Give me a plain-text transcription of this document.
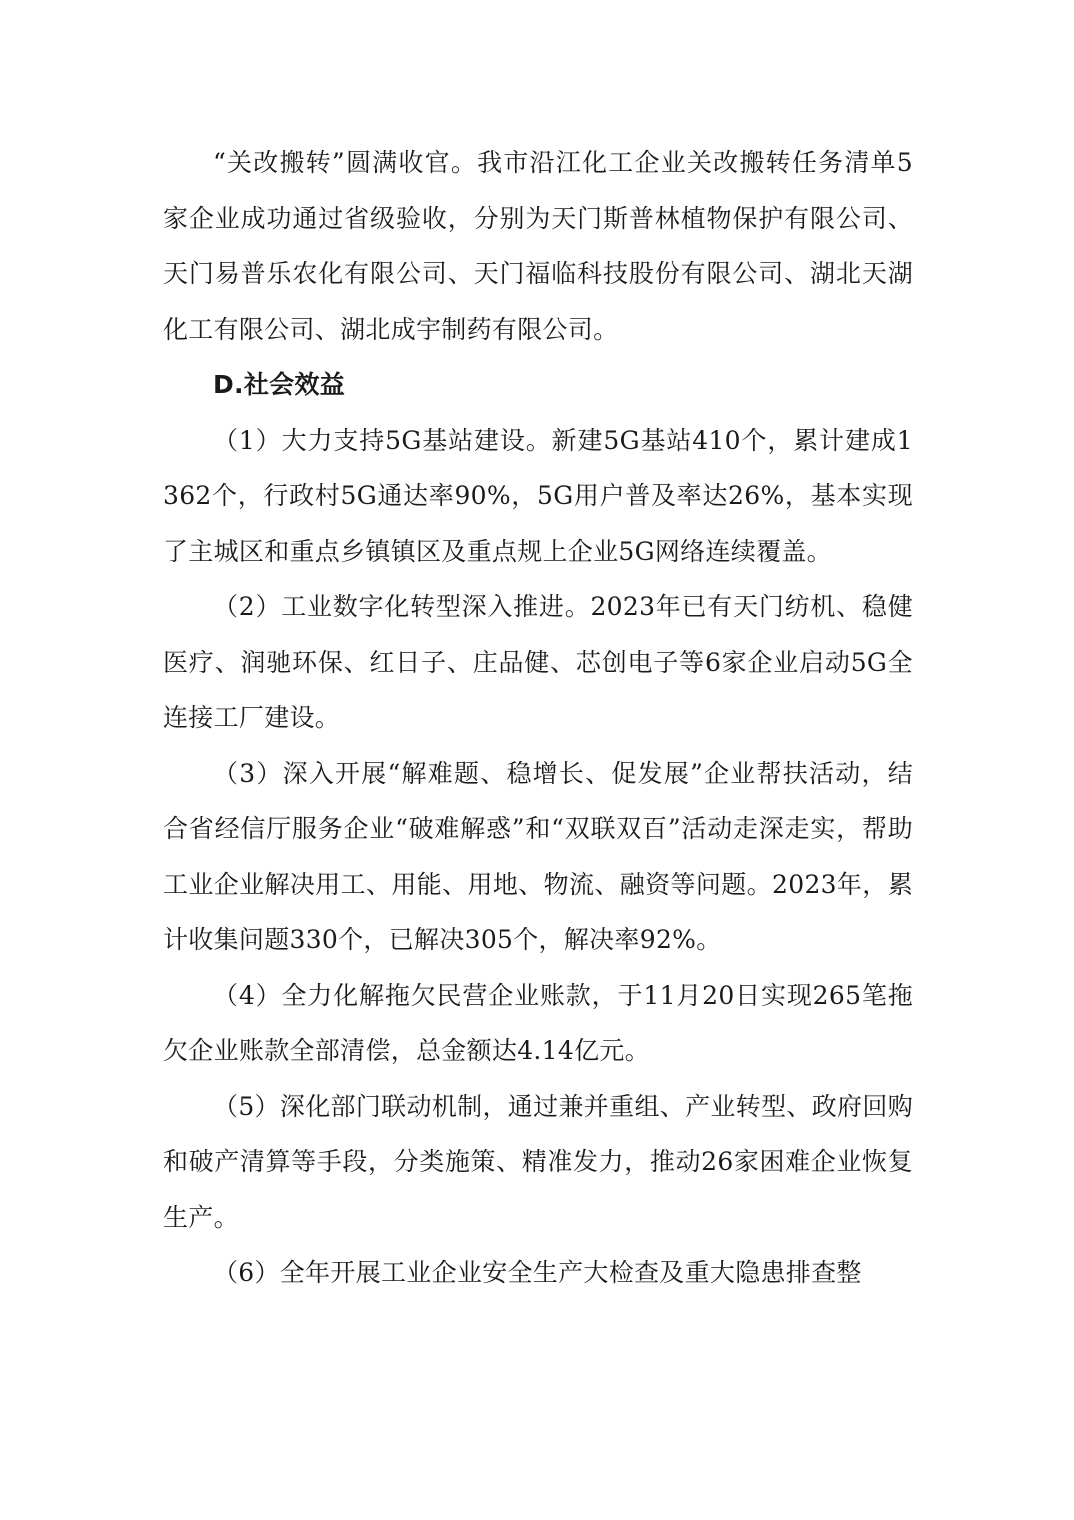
“关改搬转”圆满收官。我市沿江化工企业关改搬转任务清单5家企业成功通过省级验收，分别为天门斯普林植物保护有限公司、天门易普乐农化有限公司、天门福临科技股份有限公司、湖北天湖化工有限公司、湖北成宇制药有限公司。

D.社会效益

（1）大力支持5G基站建设。新建5G基站410个，累计建成1362个，行政村5G通达率90%，5G用户普及率达26%，基本实现了主城区和重点乡镇镇区及重点规上企业5G网络连续覆盖。

（2）工业数字化转型深入推进。2023年已有天门纺机、稳健医疗、润驰环保、红日子、庄品健、芯创电子等6家企业启动5G全连接工厂建设。

（3）深入开展“解难题、稳增长、促发展”企业帮扶活动，结合省经信厅服务企业“破难解惑”和“双联双百”活动走深走实，帮助工业企业解决用工、用能、用地、物流、融资等问题。2023年，累计收集问题330个，已解决305个，解决率92%。

（4）全力化解拖欠民营企业账款，于11月20日实现265笔拖欠企业账款全部清偿，总金额达4.14亿元。

（5）深化部门联动机制，通过兼并重组、产业转型、政府回购和破产清算等手段，分类施策、精准发力，推动26家困难企业恢复生产。

（6）全年开展工业企业安全生产大检查及重大隐患排查整
